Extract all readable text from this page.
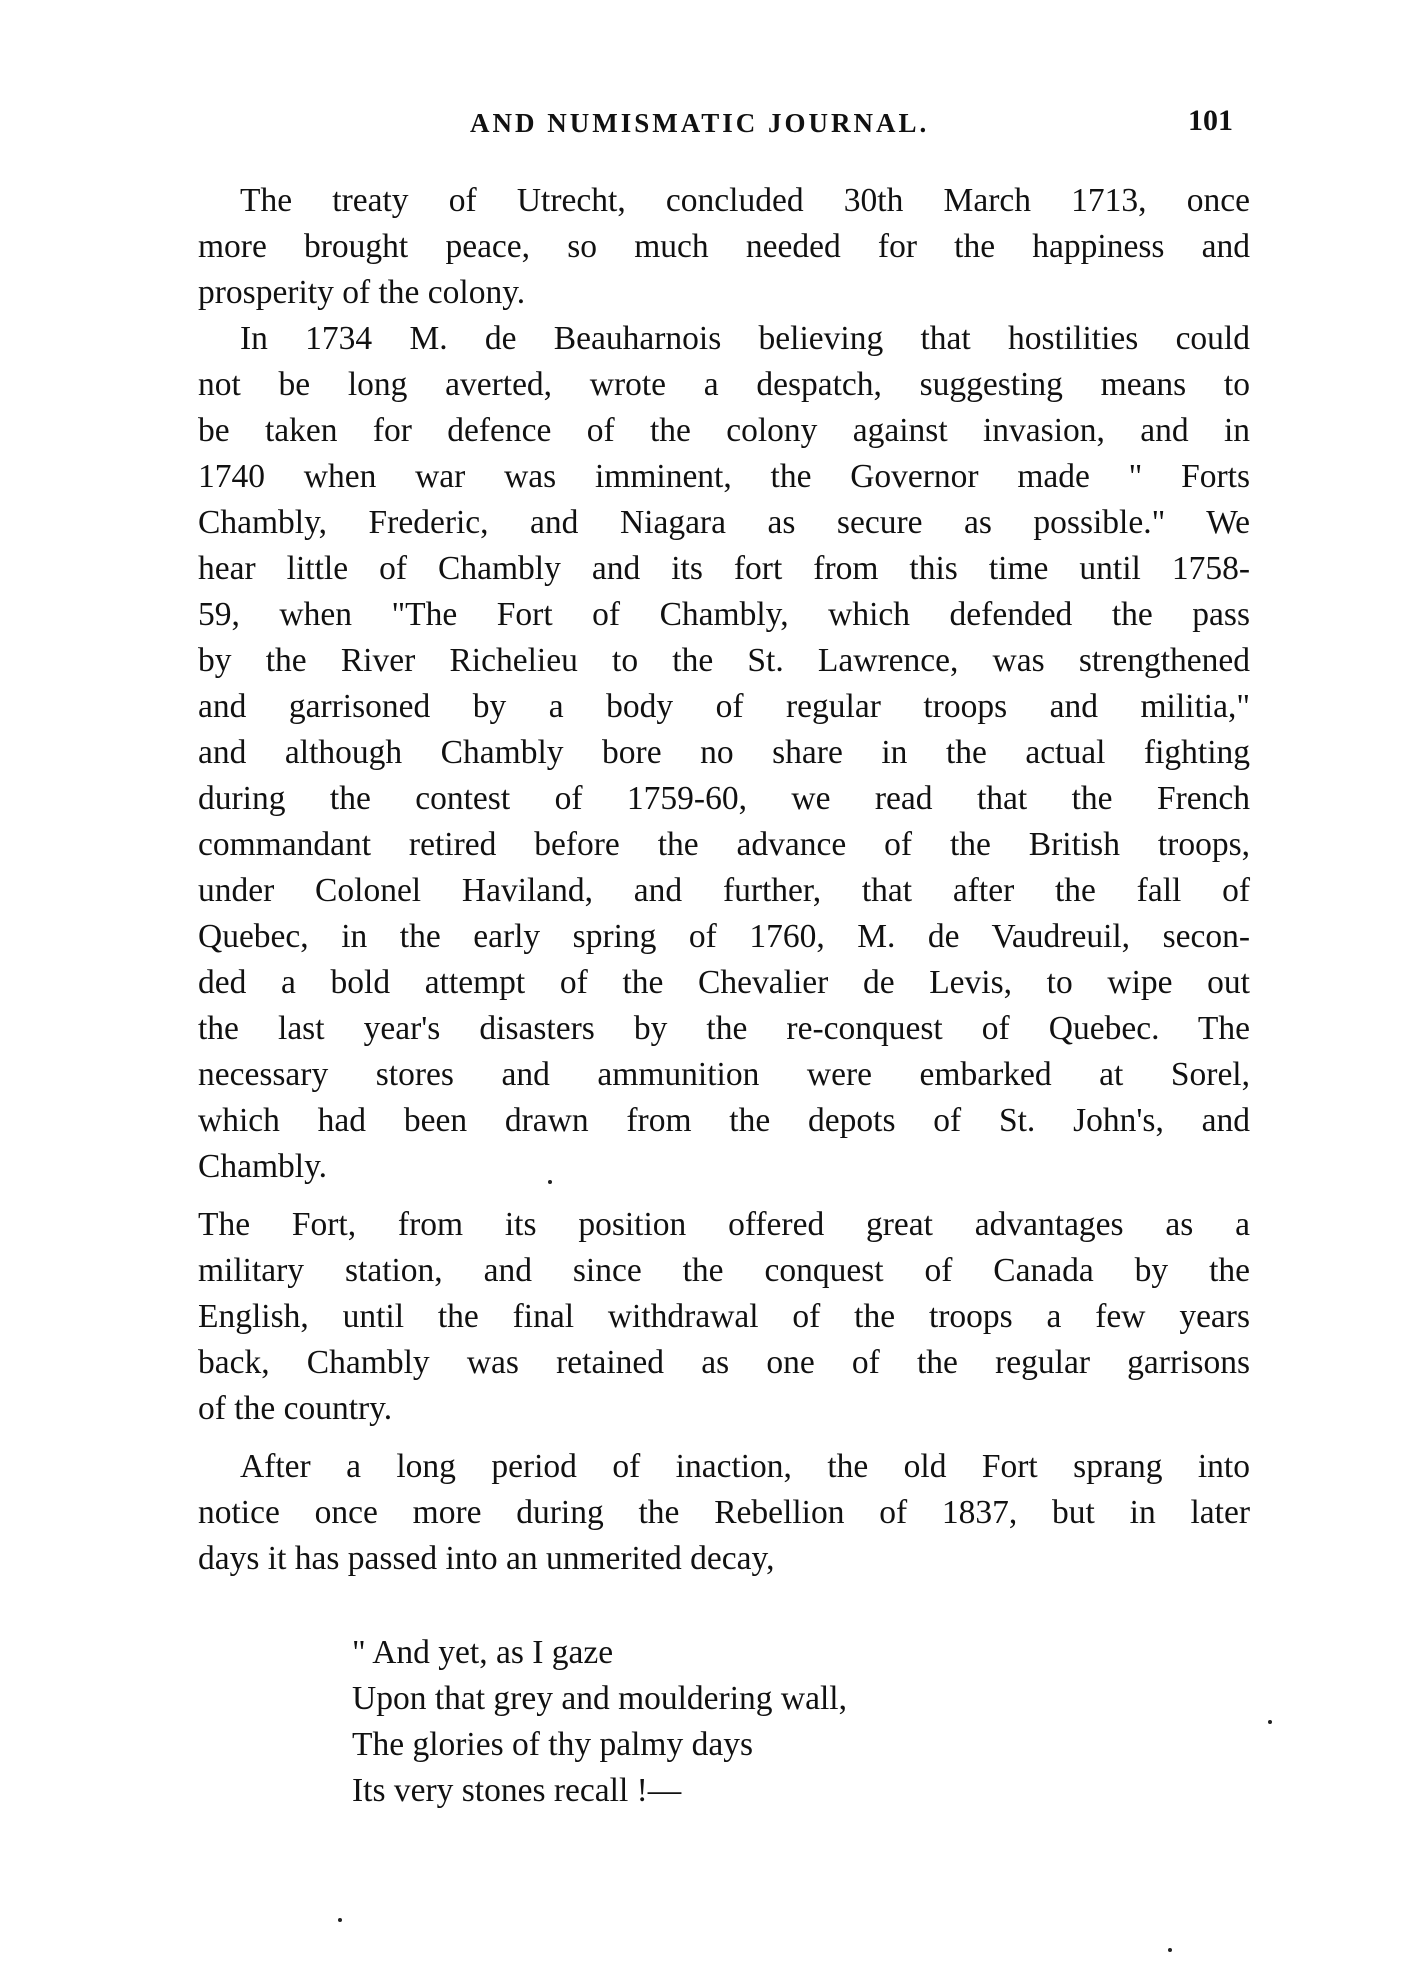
AND NUMISMATIC JOURNAL.	101
The treaty of Utrecht, concluded 30th March 1713, once
more brought peace, so much needed for the happiness and
prosperity of the colony.
In 1734 M. de Beauharnois believing that hostilities could
not be long averted, wrote a despatch, suggesting means to
be taken for defence of the colony against invasion, and in
1740 when war was imminent, the Governor made " Forts
Chambly, Frederic, and Niagara as secure as possible." We
hear little of Chambly and its fort from this time until 1758-
59, when "The Fort of Chambly, which defended the pass
by the River Richelieu to the St. Lawrence, was strengthened
and garrisoned by a body of regular troops and militia,"
and although Chambly bore no share in the actual fighting
during the contest of 1759-60, we read that the French
commandant retired before the advance of the British troops,
under Colonel Haviland, and further, that after the fall of
Quebec, in the early spring of 1760, M. de Vaudreuil, secon-
ded a bold attempt of the Chevalier de Levis, to wipe out
the last year's disasters by the re-conquest of Quebec. The
necessary stores and ammunition were embarked at Sorel,
which had been drawn from the depots of St. John's, and
Chambly.
The Fort, from its position offered great advantages as a
military station, and since the conquest of Canada by the
English, until the final withdrawal of the troops a few years
back, Chambly was retained as one of the regular garrisons
of the country.
After a long period of inaction, the old Fort sprang into
notice once more during the Rebellion of 1837, but in later
days it has passed into an unmerited decay,
" And yet, as I gaze
Upon that grey and mouldering wall,
The glories of thy palmy days
Its very stones recall !—
